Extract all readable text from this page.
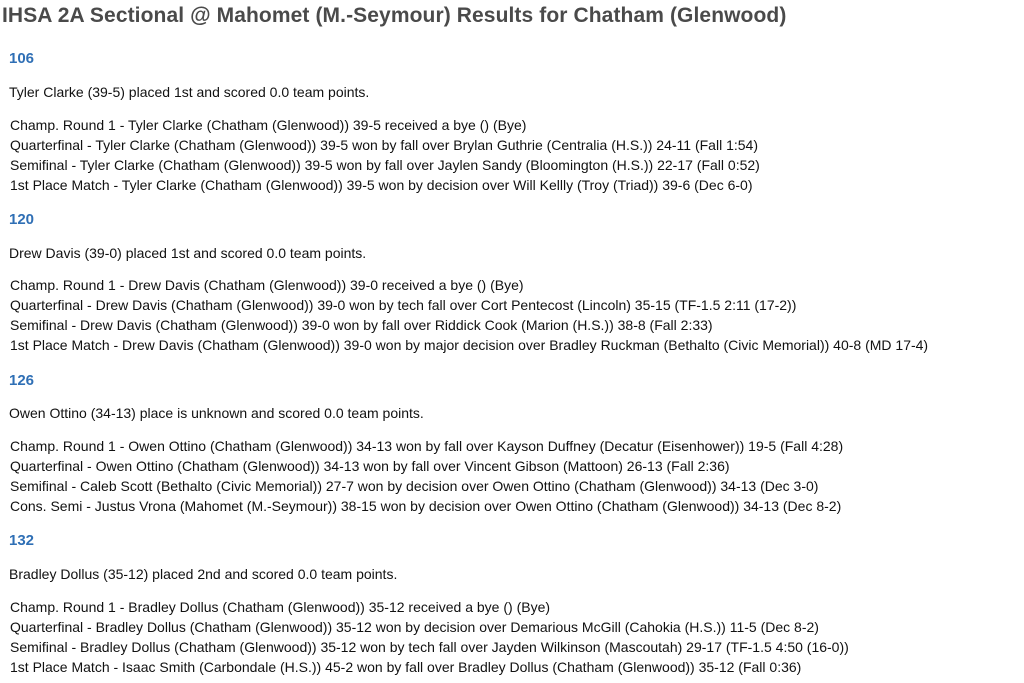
IHSA 2A Sectional @ Mahomet (M.-Seymour) Results for Chatham (Glenwood)
106

Tyler Clarke (39-5) placed 1st and scored 0.0 team points.

Champ. Round 1 - Tyler Clarke (Chatham (Glenwood)) 39-5 received a bye () (Bye)
Quarterfinal - Tyler Clarke (Chatham (Glenwood)) 39-5 won by fall over Brylan Guthrie (Centralia (H.S.)) 24-11 (Fall 1:54)
Semifinal - Tyler Clarke (Chatham (Glenwood)) 39-5 won by fall over Jaylen Sandy (Bloomington (H.S.)) 22-17 (Fall 0:52)
1st Place Match - Tyler Clarke (Chatham (Glenwood)) 39-5 won by decision over Will Kellly (Troy (Triad)) 39-6 (Dec 6-0)
120

Drew Davis (39-0) placed 1st and scored 0.0 team points.

Champ. Round 1 - Drew Davis (Chatham (Glenwood)) 39-0 received a bye () (Bye)
Quarterfinal - Drew Davis (Chatham (Glenwood)) 39-0 won by tech fall over Cort Pentecost (Lincoln) 35-15 (TF-1.5 2:11 (17-2))
Semifinal - Drew Davis (Chatham (Glenwood)) 39-0 won by fall over Riddick Cook (Marion (H.S.)) 38-8 (Fall 2:33)
1st Place Match - Drew Davis (Chatham (Glenwood)) 39-0 won by major decision over Bradley Ruckman (Bethalto (Civic Memorial)) 40-8 (MD 17-4)
126

Owen Ottino (34-13) place is unknown and scored 0.0 team points.

Champ. Round 1 - Owen Ottino (Chatham (Glenwood)) 34-13 won by fall over Kayson Duffney (Decatur (Eisenhower)) 19-5 (Fall 4:28)
Quarterfinal - Owen Ottino (Chatham (Glenwood)) 34-13 won by fall over Vincent Gibson (Mattoon) 26-13 (Fall 2:36)
Semifinal - Caleb Scott (Bethalto (Civic Memorial)) 27-7 won by decision over Owen Ottino (Chatham (Glenwood)) 34-13 (Dec 3-0)
Cons. Semi - Justus Vrona (Mahomet (M.-Seymour)) 38-15 won by decision over Owen Ottino (Chatham (Glenwood)) 34-13 (Dec 8-2)
132

Bradley Dollus (35-12) placed 2nd and scored 0.0 team points.

Champ. Round 1 - Bradley Dollus (Chatham (Glenwood)) 35-12 received a bye () (Bye)
Quarterfinal - Bradley Dollus (Chatham (Glenwood)) 35-12 won by decision over Demarious McGill (Cahokia (H.S.)) 11-5 (Dec 8-2)
Semifinal - Bradley Dollus (Chatham (Glenwood)) 35-12 won by tech fall over Jayden Wilkinson (Mascoutah) 29-17 (TF-1.5 4:50 (16-0))
1st Place Match - Isaac Smith (Carbondale (H.S.)) 45-2 won by fall over Bradley Dollus (Chatham (Glenwood)) 35-12 (Fall 0:36)
